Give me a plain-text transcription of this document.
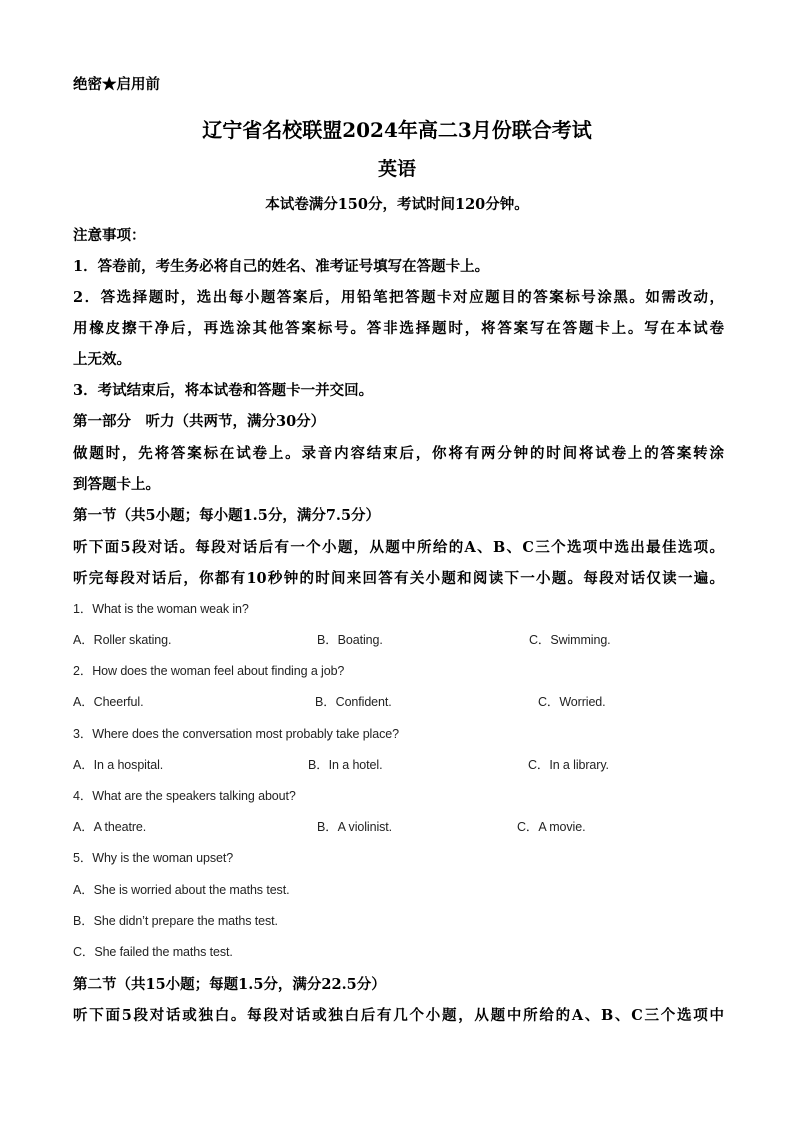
绝密★启用前
辽宁省名校联盟2024年高二3月份联合考试
英语
本试卷满分150分，考试时间120分钟。
注意事项：
1．答卷前，考生务必将自己的姓名、准考证号填写在答题卡上。
2．答选择题时，选出每小题答案后，用铅笔把答题卡对应题目的答案标号涂黑。如需改动，
用橡皮擦干净后，再选涂其他答案标号。答非选择题时，将答案写在答题卡上。写在本试卷
上无效。
3．考试结束后，将本试卷和答题卡一并交回。
第一部分　听力（共两节，满分30分）
做题时，先将答案标在试卷上。录音内容结束后，你将有两分钟的时间将试卷上的答案转涂
到答题卡上。
第一节（共5小题；每小题1.5分，满分7.5分）
听下面5段对话。每段对话后有一个小题，从题中所给的A、B、C三个选项中选出最佳选项。
听完每段对话后，你都有10秒钟的时间来回答有关小题和阅读下一小题。每段对话仅读一遍。
1．What is the woman weak in?
A．Roller skating.	B．Boating.	C．Swimming.
2．How does the woman feel about finding a job?
A．Cheerful.	B．Confident.	C．Worried.
3．Where does the conversation most probably take place?
A．In a hospital.	B．In a hotel.	C．In a library.
4．What are the speakers talking about?
A．A theatre.	B．A violinist.	C．A movie.
5．Why is the woman upset?
A．She is worried about the maths test.
B．She didn’t prepare the maths test.
C．She failed the maths test.
第二节（共15小题；每题1.5分，满分22.5分）
听下面5段对话或独白。每段对话或独白后有几个小题，从题中所给的A、B、C三个选项中
